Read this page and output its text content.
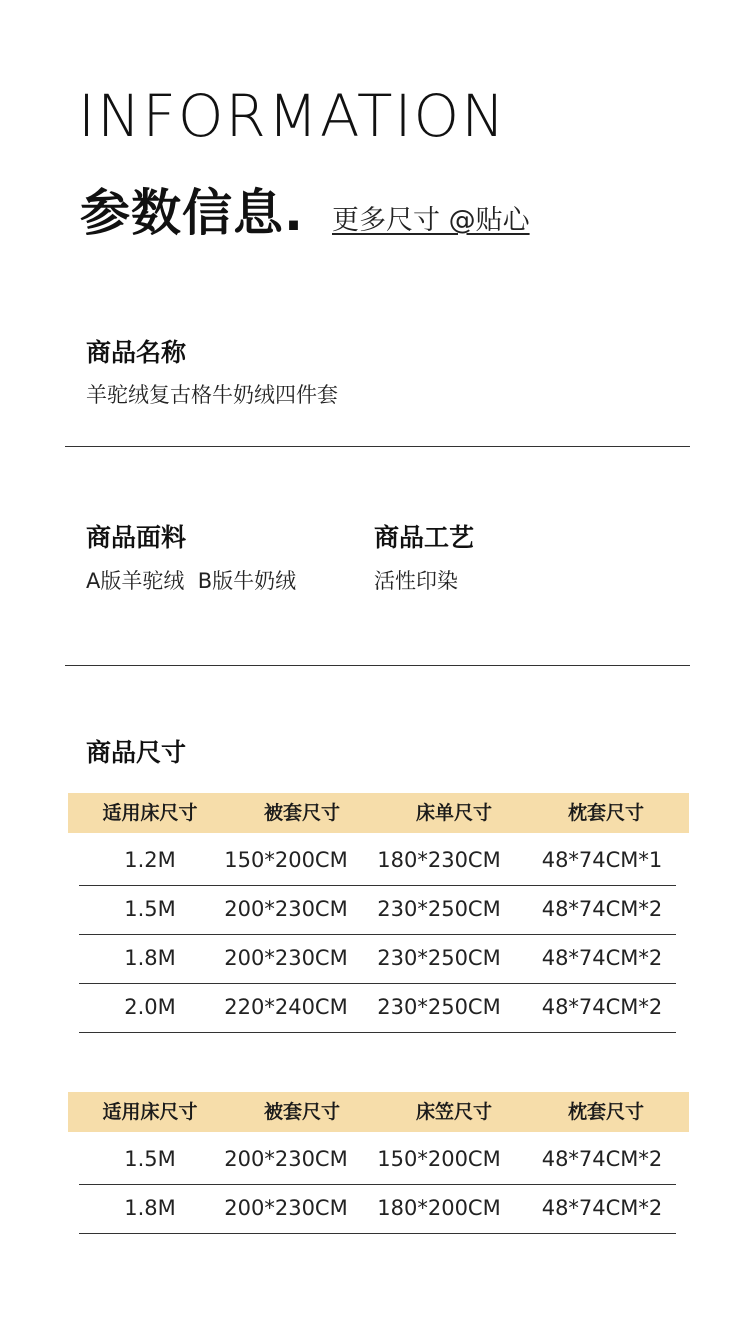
INFORMATION
参数信息. 更多尺寸 @贴心
商品名称
羊驼绒复古格牛奶绒四件套
商品面料
A版羊驼绒  B版牛奶绒
商品工艺
活性印染
商品尺寸
适用床尺寸	被套尺寸	床单尺寸	枕套尺寸
1.2M	150*200CM	180*230CM	48*74CM*1
1.5M	200*230CM	230*250CM	48*74CM*2
1.8M	200*230CM	230*250CM	48*74CM*2
2.0M	220*240CM	230*250CM	48*74CM*2
适用床尺寸	被套尺寸	床笠尺寸	枕套尺寸
1.5M	200*230CM	150*200CM	48*74CM*2
1.8M	200*230CM	180*200CM	48*74CM*2
